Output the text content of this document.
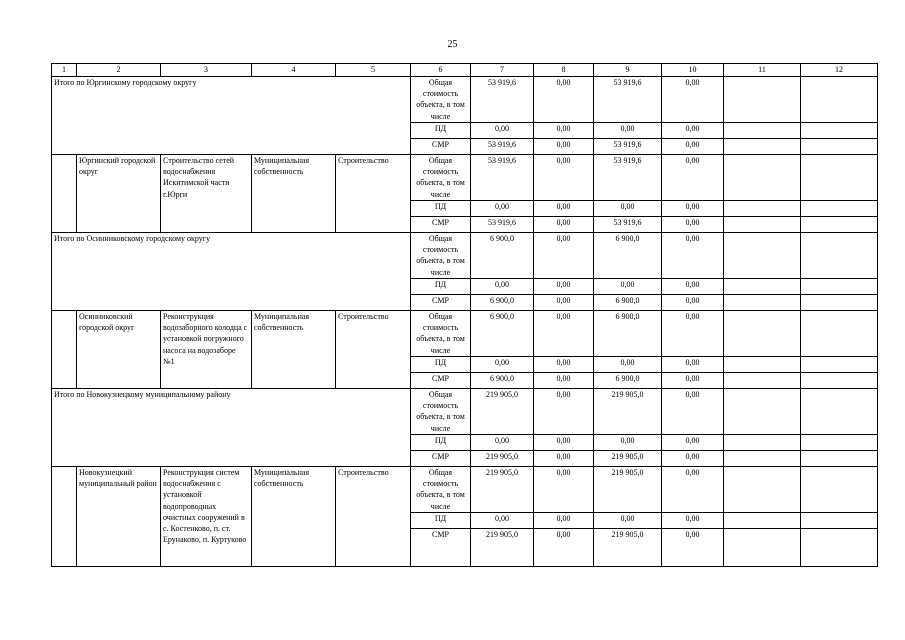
25
1	2	3	4	5	6	7	8	9	10	11	12
Итого по Юргинскому городскому округу					Общая стоимость объекта, в том числе	53 919,6	0,00	53 919,6	0,00		
					ПД	0,00	0,00	0,00	0,00		
					СМР	53 919,6	0,00	53 919,6	0,00		
	Юргинский городской округ	Строительство сетей водоснабжения Искитимской части г.Юрги	Муниципальная собственность	Строительство	Общая стоимость объекта, в том числе	53 919,6	0,00	53 919,6	0,00		
					ПД	0,00	0,00	0,00	0,00		
					СМР	53 919,6	0,00	53 919,6	0,00		
Итого по Осинниковскому городскому округу					Общая стоимость объекта, в том числе	6 900,0	0,00	6 900,0	0,00		
					ПД	0,00	0,00	0,00	0,00		
					СМР	6 900,0	0,00	6 900,0	0,00		
	Осинниковский городской округ	Реконструкция водозаборного колодца с установкой погружного насоса на водозаборе №1	Муниципальная собственность	Строительство	Общая стоимость объекта, в том числе	6 900,0	0,00	6 900,0	0,00		
					ПД	0,00	0,00	0,00	0,00		
					СМР	6 900,0	0,00	6 900,0	0,00		
Итого по Новокузнецкому муниципальному району					Общая стоимость объекта, в том числе	219 905,0	0,00	219 905,0	0,00		
					ПД	0,00	0,00	0,00	0,00		
					СМР	219 905,0	0,00	219 905,0	0,00		
	Новокузнецкий муниципальный район	Реконструкция систем водоснабжения с установкой водопроводных очистных сооружений в с. Костенково, п. ст. Ерунаково, п. Куртуково	Муниципальная собственность	Строительство	Общая стоимость объекта, в том числе	219 905,0	0,00	219 905,0	0,00		
					ПД	0,00	0,00	0,00	0,00		
					СМР	219 905,0	0,00	219 905,0	0,00		
